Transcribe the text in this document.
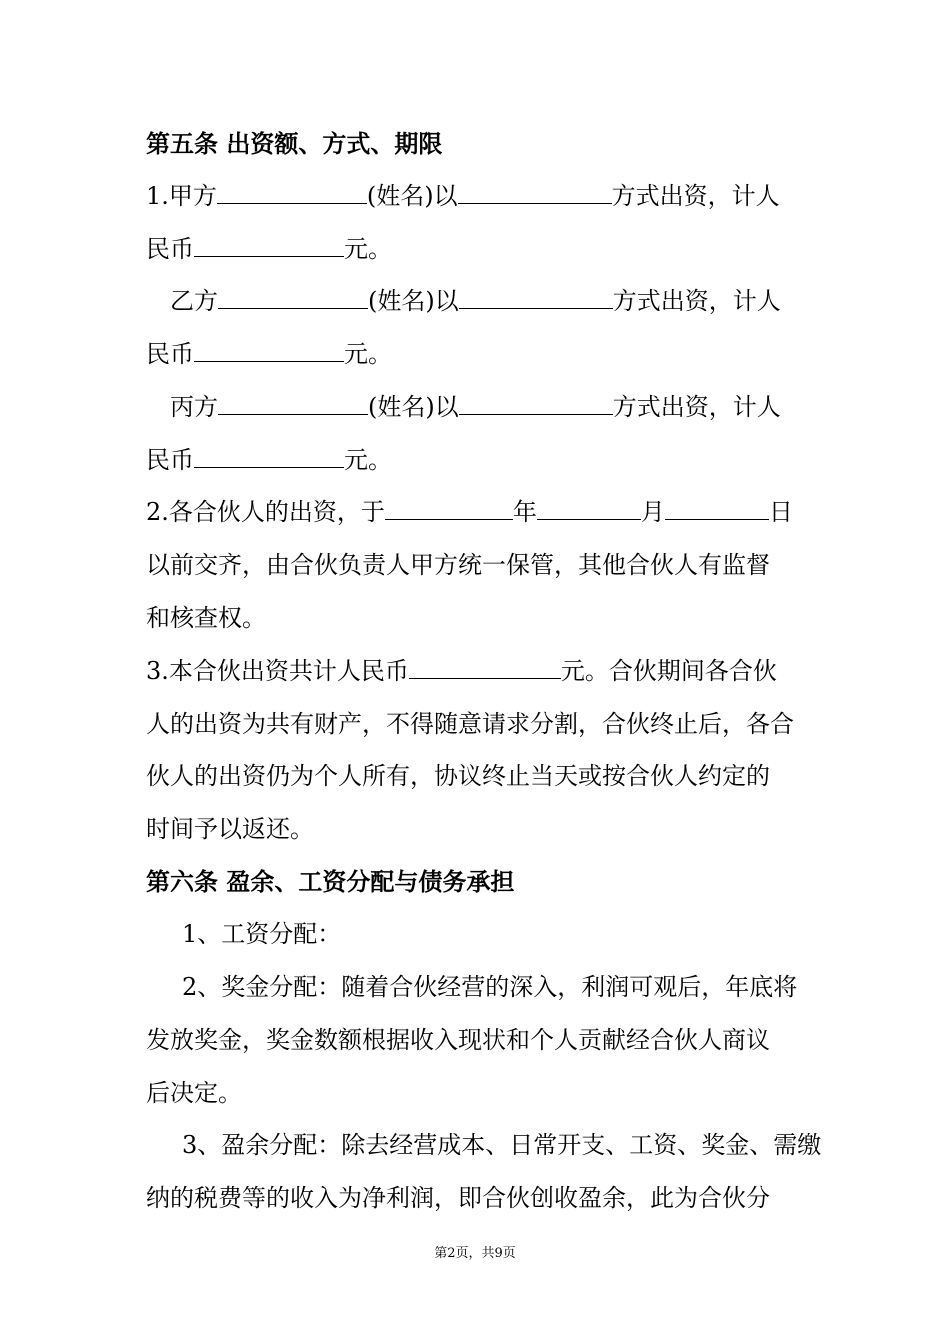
第五条 出资额、方式、期限
1.甲方	(姓名)以	方式出资，计人
民币	元。
乙方	(姓名)以	方式出资，计人
民币	元。
丙方	(姓名)以	方式出资，计人
民币	元。
2.各合伙人的出资，于	年	月	日
以前交齐，由合伙负责人甲方统一保管，其他合伙人有监督
和核查权。
3.本合伙出资共计人民币	元。合伙期间各合伙
人的出资为共有财产，不得随意请求分割，合伙终止后，各合
伙人的出资仍为个人所有，协议终止当天或按合伙人约定的
时间予以返还。
第六条 盈余、工资分配与债务承担
1、工资分配：
2、奖金分配：随着合伙经营的深入，利润可观后，年底将
发放奖金，奖金数额根据收入现状和个人贡献经合伙人商议
后决定。
3、盈余分配：除去经营成本、日常开支、工资、奖金、需缴
纳的税费等的收入为净利润，即合伙创收盈余，此为合伙分
第2页，共9页
